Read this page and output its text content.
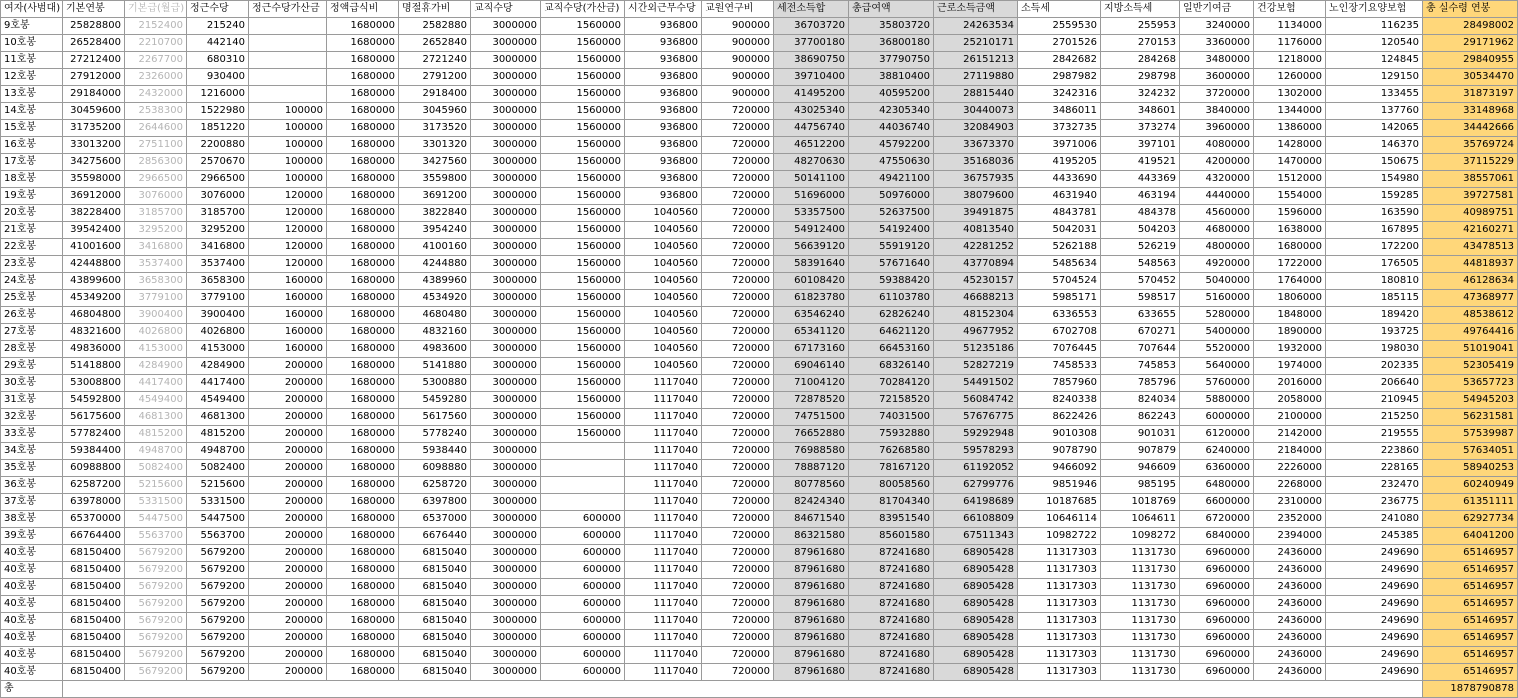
여자(사범대)	기본연봉	기본급(월급)	정근수당	정근수당가산금	정액급식비	명절휴가비	교직수당	교직수당(가산금)	시간외근무수당	교원연구비	세전소득합	총급여액	근로소득금액	소득세	지방소득세	일반기여금	건강보험	노인장기요양보험	총 실수령 연봉
9호봉	25828800	2152400	215240		1680000	2582880	3000000	1560000	936800	900000	36703720	35803720	24263534	2559530	255953	3240000	1134000	116235	28498002
10호봉	26528400	2210700	442140		1680000	2652840	3000000	1560000	936800	900000	37700180	36800180	25210171	2701526	270153	3360000	1176000	120540	29171962
11호봉	27212400	2267700	680310		1680000	2721240	3000000	1560000	936800	900000	38690750	37790750	26151213	2842682	284268	3480000	1218000	124845	29840955
12호봉	27912000	2326000	930400		1680000	2791200	3000000	1560000	936800	900000	39710400	38810400	27119880	2987982	298798	3600000	1260000	129150	30534470
13호봉	29184000	2432000	1216000		1680000	2918400	3000000	1560000	936800	900000	41495200	40595200	28815440	3242316	324232	3720000	1302000	133455	31873197
14호봉	30459600	2538300	1522980	100000	1680000	3045960	3000000	1560000	936800	720000	43025340	42305340	30440073	3486011	348601	3840000	1344000	137760	33148968
15호봉	31735200	2644600	1851220	100000	1680000	3173520	3000000	1560000	936800	720000	44756740	44036740	32084903	3732735	373274	3960000	1386000	142065	34442666
16호봉	33013200	2751100	2200880	100000	1680000	3301320	3000000	1560000	936800	720000	46512200	45792200	33673370	3971006	397101	4080000	1428000	146370	35769724
17호봉	34275600	2856300	2570670	100000	1680000	3427560	3000000	1560000	936800	720000	48270630	47550630	35168036	4195205	419521	4200000	1470000	150675	37115229
18호봉	35598000	2966500	2966500	100000	1680000	3559800	3000000	1560000	936800	720000	50141100	49421100	36757935	4433690	443369	4320000	1512000	154980	38557061
19호봉	36912000	3076000	3076000	120000	1680000	3691200	3000000	1560000	936800	720000	51696000	50976000	38079600	4631940	463194	4440000	1554000	159285	39727581
20호봉	38228400	3185700	3185700	120000	1680000	3822840	3000000	1560000	1040560	720000	53357500	52637500	39491875	4843781	484378	4560000	1596000	163590	40989751
21호봉	39542400	3295200	3295200	120000	1680000	3954240	3000000	1560000	1040560	720000	54912400	54192400	40813540	5042031	504203	4680000	1638000	167895	42160271
22호봉	41001600	3416800	3416800	120000	1680000	4100160	3000000	1560000	1040560	720000	56639120	55919120	42281252	5262188	526219	4800000	1680000	172200	43478513
23호봉	42448800	3537400	3537400	120000	1680000	4244880	3000000	1560000	1040560	720000	58391640	57671640	43770894	5485634	548563	4920000	1722000	176505	44818937
24호봉	43899600	3658300	3658300	160000	1680000	4389960	3000000	1560000	1040560	720000	60108420	59388420	45230157	5704524	570452	5040000	1764000	180810	46128634
25호봉	45349200	3779100	3779100	160000	1680000	4534920	3000000	1560000	1040560	720000	61823780	61103780	46688213	5985171	598517	5160000	1806000	185115	47368977
26호봉	46804800	3900400	3900400	160000	1680000	4680480	3000000	1560000	1040560	720000	63546240	62826240	48152304	6336553	633655	5280000	1848000	189420	48538612
27호봉	48321600	4026800	4026800	160000	1680000	4832160	3000000	1560000	1040560	720000	65341120	64621120	49677952	6702708	670271	5400000	1890000	193725	49764416
28호봉	49836000	4153000	4153000	160000	1680000	4983600	3000000	1560000	1040560	720000	67173160	66453160	51235186	7076445	707644	5520000	1932000	198030	51019041
29호봉	51418800	4284900	4284900	200000	1680000	5141880	3000000	1560000	1040560	720000	69046140	68326140	52827219	7458533	745853	5640000	1974000	202335	52305419
30호봉	53008800	4417400	4417400	200000	1680000	5300880	3000000	1560000	1117040	720000	71004120	70284120	54491502	7857960	785796	5760000	2016000	206640	53657723
31호봉	54592800	4549400	4549400	200000	1680000	5459280	3000000	1560000	1117040	720000	72878520	72158520	56084742	8240338	824034	5880000	2058000	210945	54945203
32호봉	56175600	4681300	4681300	200000	1680000	5617560	3000000	1560000	1117040	720000	74751500	74031500	57676775	8622426	862243	6000000	2100000	215250	56231581
33호봉	57782400	4815200	4815200	200000	1680000	5778240	3000000	1560000	1117040	720000	76652880	75932880	59292948	9010308	901031	6120000	2142000	219555	57539987
34호봉	59384400	4948700	4948700	200000	1680000	5938440	3000000		1117040	720000	76988580	76268580	59578293	9078790	907879	6240000	2184000	223860	57634051
35호봉	60988800	5082400	5082400	200000	1680000	6098880	3000000		1117040	720000	78887120	78167120	61192052	9466092	946609	6360000	2226000	228165	58940253
36호봉	62587200	5215600	5215600	200000	1680000	6258720	3000000		1117040	720000	80778560	80058560	62799776	9851946	985195	6480000	2268000	232470	60240949
37호봉	63978000	5331500	5331500	200000	1680000	6397800	3000000		1117040	720000	82424340	81704340	64198689	10187685	1018769	6600000	2310000	236775	61351111
38호봉	65370000	5447500	5447500	200000	1680000	6537000	3000000	600000	1117040	720000	84671540	83951540	66108809	10646114	1064611	6720000	2352000	241080	62927734
39호봉	66764400	5563700	5563700	200000	1680000	6676440	3000000	600000	1117040	720000	86321580	85601580	67511343	10982722	1098272	6840000	2394000	245385	64041200
40호봉	68150400	5679200	5679200	200000	1680000	6815040	3000000	600000	1117040	720000	87961680	87241680	68905428	11317303	1131730	6960000	2436000	249690	65146957
40호봉	68150400	5679200	5679200	200000	1680000	6815040	3000000	600000	1117040	720000	87961680	87241680	68905428	11317303	1131730	6960000	2436000	249690	65146957
40호봉	68150400	5679200	5679200	200000	1680000	6815040	3000000	600000	1117040	720000	87961680	87241680	68905428	11317303	1131730	6960000	2436000	249690	65146957
40호봉	68150400	5679200	5679200	200000	1680000	6815040	3000000	600000	1117040	720000	87961680	87241680	68905428	11317303	1131730	6960000	2436000	249690	65146957
40호봉	68150400	5679200	5679200	200000	1680000	6815040	3000000	600000	1117040	720000	87961680	87241680	68905428	11317303	1131730	6960000	2436000	249690	65146957
40호봉	68150400	5679200	5679200	200000	1680000	6815040	3000000	600000	1117040	720000	87961680	87241680	68905428	11317303	1131730	6960000	2436000	249690	65146957
40호봉	68150400	5679200	5679200	200000	1680000	6815040	3000000	600000	1117040	720000	87961680	87241680	68905428	11317303	1131730	6960000	2436000	249690	65146957
40호봉	68150400	5679200	5679200	200000	1680000	6815040	3000000	600000	1117040	720000	87961680	87241680	68905428	11317303	1131730	6960000	2436000	249690	65146957
총																			1878790878
